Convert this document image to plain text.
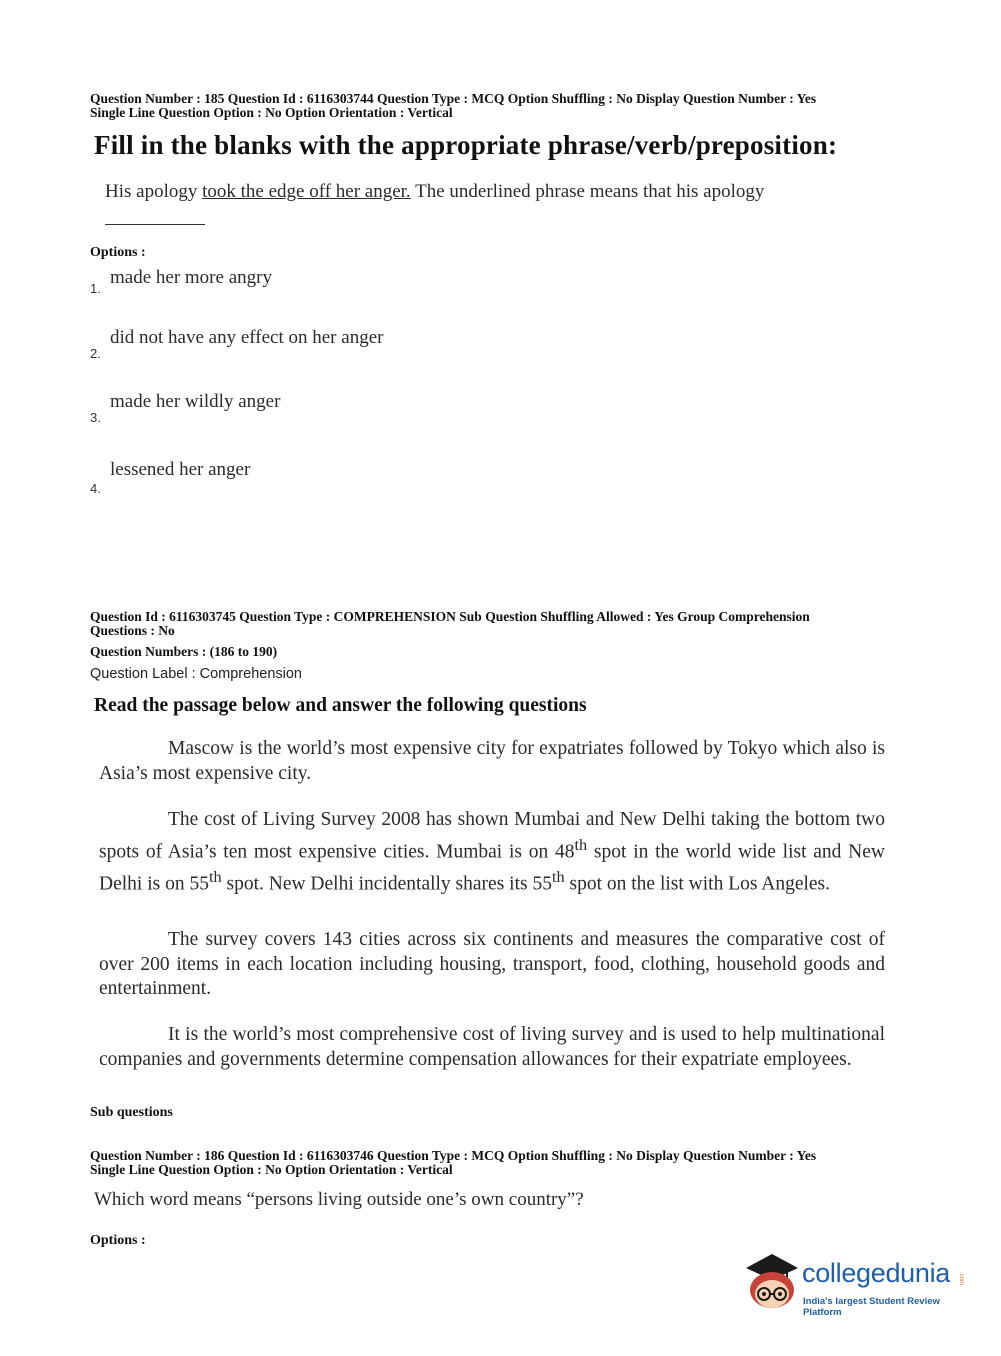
Question Number : 185 Question Id : 6116303744 Question Type : MCQ Option Shuffling : No Display Question Number : Yes
Single Line Question Option : No Option Orientation : Vertical
Fill in the blanks with the appropriate phrase/verb/preposition:
His apology took the edge off her anger. The underlined phrase means that his apology
Options :
made her more angry
1.
did not have any effect on her anger
2.
made her wildly anger
3.
lessened her anger
4.
Question Id : 6116303745 Question Type : COMPREHENSION Sub Question Shuffling Allowed : Yes Group Comprehension
Questions : No
Question Numbers : (186 to 190)
Question Label : Comprehension
Read the passage below and answer the following questions

Mascow is the world’s most expensive city for expatriates followed by Tokyo which also is Asia’s most expensive city.

The cost of Living Survey 2008 has shown Mumbai and New Delhi taking the bottom two spots of Asia’s ten most expensive cities. Mumbai is on 48th spot in the world wide list and New Delhi is on 55th spot. New Delhi incidentally shares its 55th spot on the list with Los Angeles.

The survey covers 143 cities across six continents and measures the comparative cost of over 200 items in each location including housing, transport, food, clothing, household goods and entertainment.

It is the world’s most comprehensive cost of living survey and is used to help multinational companies and governments determine compensation allowances for their expatriate employees.

Sub questions
Question Number : 186 Question Id : 6116303746 Question Type : MCQ Option Shuffling : No Display Question Number : Yes
Single Line Question Option : No Option Orientation : Vertical
Which word means “persons living outside one’s own country”?
Options :
collegedunia .com
India's largest Student Review Platform
